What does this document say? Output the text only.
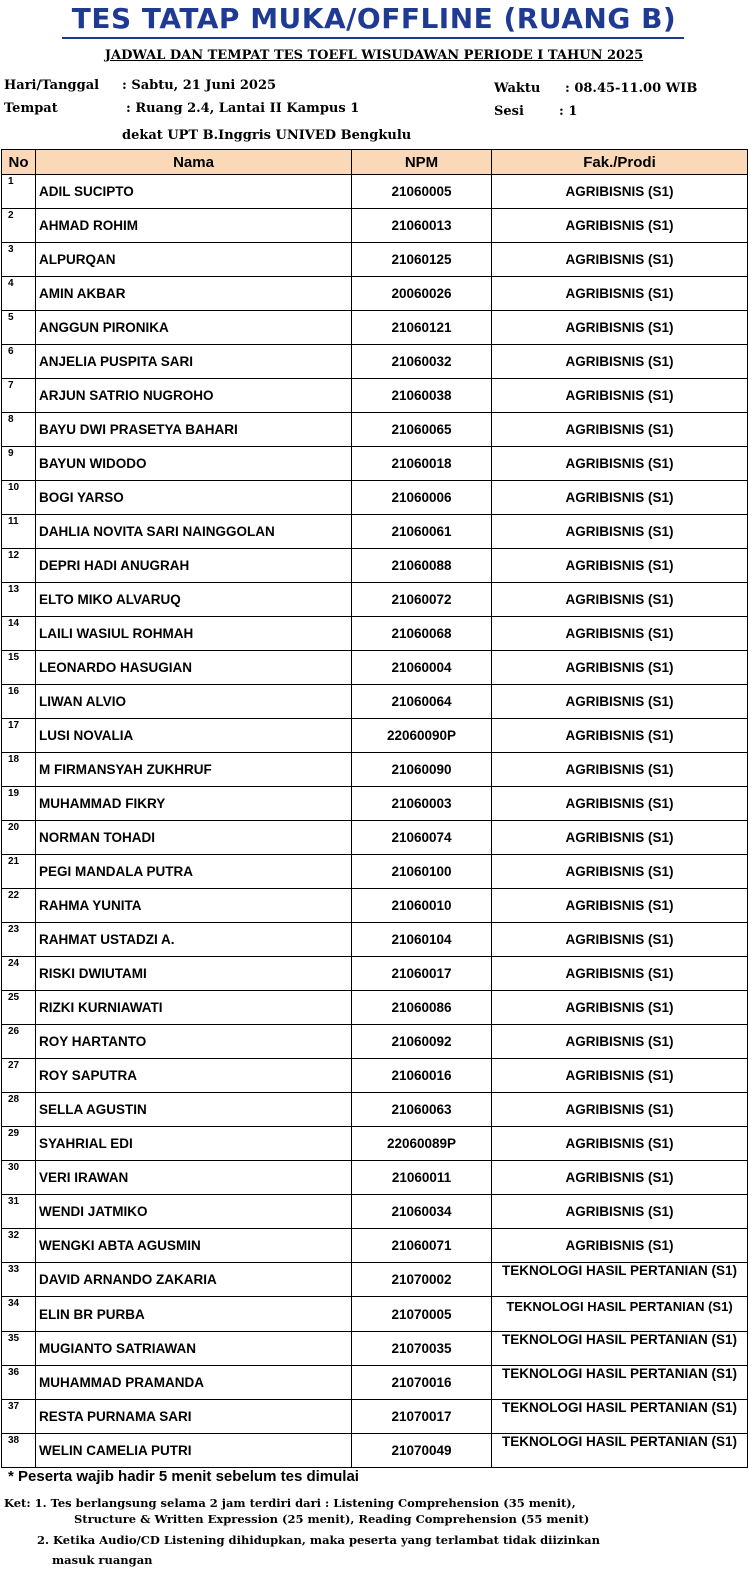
TES TATAP MUKA/OFFLINE (RUANG B)
JADWAL DAN TEMPAT TES TOEFL WISUDAWAN PERIODE I TAHUN 2025
Hari/Tanggal : Sabtu, 21 Juni 2025
Tempat	: Ruang 2.4, Lantai II Kampus 1
dekat UPT B.Inggris UNIVED Bengkulu
Waktu : 08.45-11.00 WIB
Sesi	: 1
No	Nama	NPM	Fak./Prodi
1	ADIL SUCIPTO	21060005	AGRIBISNIS (S1)
2	AHMAD ROHIM	21060013	AGRIBISNIS (S1)
3	ALPURQAN	21060125	AGRIBISNIS (S1)
4	AMIN AKBAR	20060026	AGRIBISNIS (S1)
5	ANGGUN PIRONIKA	21060121	AGRIBISNIS (S1)
6	ANJELIA PUSPITA SARI	21060032	AGRIBISNIS (S1)
7	ARJUN SATRIO NUGROHO	21060038	AGRIBISNIS (S1)
8	BAYU DWI PRASETYA BAHARI	21060065	AGRIBISNIS (S1)
9	BAYUN WIDODO	21060018	AGRIBISNIS (S1)
10	BOGI YARSO	21060006	AGRIBISNIS (S1)
11	DAHLIA NOVITA SARI NAINGGOLAN	21060061	AGRIBISNIS (S1)
12	DEPRI HADI ANUGRAH	21060088	AGRIBISNIS (S1)
13	ELTO MIKO ALVARUQ	21060072	AGRIBISNIS (S1)
14	LAILI WASIUL ROHMAH	21060068	AGRIBISNIS (S1)
15	LEONARDO HASUGIAN	21060004	AGRIBISNIS (S1)
16	LIWAN ALVIO	21060064	AGRIBISNIS (S1)
17	LUSI NOVALIA	22060090P	AGRIBISNIS (S1)
18	M FIRMANSYAH ZUKHRUF	21060090	AGRIBISNIS (S1)
19	MUHAMMAD FIKRY	21060003	AGRIBISNIS (S1)
20	NORMAN TOHADI	21060074	AGRIBISNIS (S1)
21	PEGI MANDALA PUTRA	21060100	AGRIBISNIS (S1)
22	RAHMA YUNITA	21060010	AGRIBISNIS (S1)
23	RAHMAT USTADZI A.	21060104	AGRIBISNIS (S1)
24	RISKI DWIUTAMI	21060017	AGRIBISNIS (S1)
25	RIZKI KURNIAWATI	21060086	AGRIBISNIS (S1)
26	ROY HARTANTO	21060092	AGRIBISNIS (S1)
27	ROY SAPUTRA	21060016	AGRIBISNIS (S1)
28	SELLA AGUSTIN	21060063	AGRIBISNIS (S1)
29	SYAHRIAL EDI	22060089P	AGRIBISNIS (S1)
30	VERI IRAWAN	21060011	AGRIBISNIS (S1)
31	WENDI JATMIKO	21060034	AGRIBISNIS (S1)
32	WENGKI ABTA AGUSMIN	21060071	AGRIBISNIS (S1)
33	DAVID ARNANDO ZAKARIA	21070002	TEKNOLOGI HASIL PERTANIAN (S1)
34	ELIN BR PURBA	21070005	TEKNOLOGI HASIL PERTANIAN (S1)
35	MUGIANTO SATRIAWAN	21070035	TEKNOLOGI HASIL PERTANIAN (S1)
36	MUHAMMAD PRAMANDA	21070016	TEKNOLOGI HASIL PERTANIAN (S1)
37	RESTA PURNAMA SARI	21070017	TEKNOLOGI HASIL PERTANIAN (S1)
38	WELIN CAMELIA PUTRI	21070049	TEKNOLOGI HASIL PERTANIAN (S1)
* Peserta wajib hadir 5 menit sebelum tes dimulai
Ket: 1. Tes berlangsung selama 2 jam terdiri dari : Listening Comprehension (35 menit),
Structure & Written Expression (25 menit), Reading Comprehension (55 menit)
2. Ketika Audio/CD Listening dihidupkan, maka peserta yang terlambat tidak diizinkan
masuk ruangan
